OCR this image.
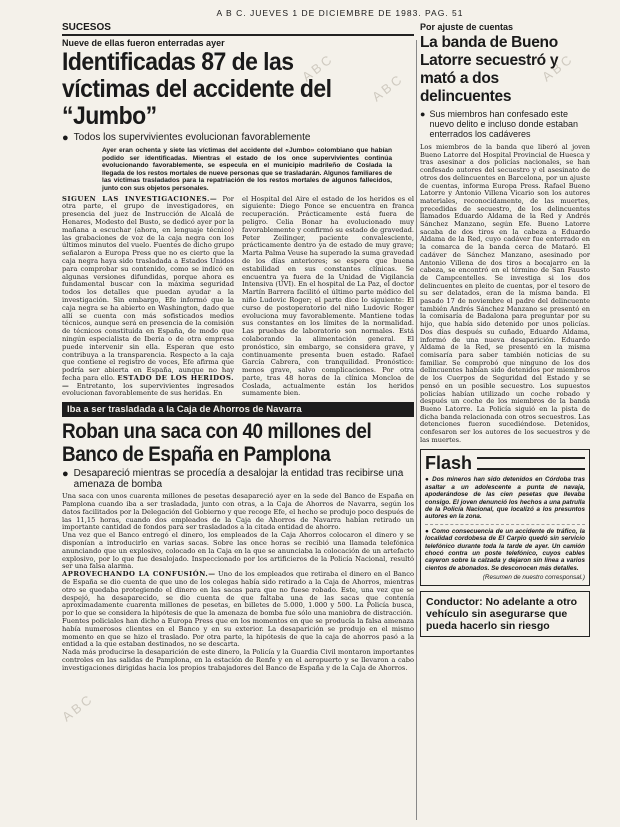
ABC
ABC
ABC
ABC
A B C. JUEVES 1 DE DICIEMBRE DE 1983. PAG. 51
SUCESOS
Nueve de ellas fueron enterradas ayer
Identificadas 87 de las víctimas del accidente del “Jumbo”
● Todos los supervivientes evolucionan favorablemente

Ayer eran ochenta y siete las víctimas del accidente del «Jumbo» colombiano que habían podido ser identificadas. Mientras el estado de los once supervivientes continúa evolucionando favorablemente, se especula en el municipio madrileño de Coslada la llegada de los restos mortales de nueve personas que se trasladarán. Algunos familiares de las víctimas trasladados para la repatriación de los restos mortales de algunos fallecidos, junto con sus objetos personales.

SIGUEN LAS INVESTIGACIONES.— Por otra parte, el grupo de investigadores, en presencia del juez de Instrucción de Alcalá de Henares, Modesto del Busto, se dedicó ayer por la mañana a escuchar (ahora, en lenguaje técnico) las grabaciones de voz de la caja negra con los últimos minutos del vuelo. Fuentes de dicho grupo señalaron a Europa Press que no es cierto que la caja negra haya sido trasladada a Estados Unidos para comprobar su contenido, como se indicó en algunas versiones difundidas, porque ahora es fundamental buscar con la máxima seguridad todos los detalles que puedan ayudar a la investigación. Sin embargo, Efe informó que la caja negra se ha abierto en Washington, dado que allí se cuenta con más sofisticados medios técnicos, aunque será en presencia de la comisión de técnicos constituida en España, de modo que ningún especialista de Iberia o de otra empresa puede intervenir sin ella. Esperan que esto contribuya a la transparencia. Respecto a la caja que contiene el registro de voces, Efe afirma que podría ser abierta en España, aunque no hay fecha para ello. ESTADO DE LOS HERIDOS.— Entretanto, los supervivientes ingresados evolucionan favorablemente de sus heridas. En

el Hospital del Aire el estado de los heridos es el siguiente: Diego Ponce se encuentra en franca recuperación. Prácticamente está fuera de peligro. Celia Bonar ha evolucionado muy favorablemente y confirmó su estado de gravedad. Peter Zeilinger, paciente convalesciente, prácticamente dentro ya de estado de muy grave; Marta Palma Veuse ha superado la suma gravedad de los días anteriores; se espera que buena estabilidad en sus constantes clínicas. Se encuentra ya fuera de la Unidad de Vigilancia Intensiva (UVI). En el hospital de La Paz, el doctor Martín Barrera facilitó el último parte médico del niño Ludovic Roger; el parte dice lo siguiente: El curso de postoperatorio del niño Ludovic Roger evoluciona muy favorablemente. Mantiene todas sus constantes en los límites de la normalidad. Las pruebas de laboratorio son normales. Está colaborando la alimentación general. El pronóstico, sin embargo, se considera grave, y continuamente presenta buen estado. Rafael García Cabrera, con tranquilidad. Pronóstico: menos grave, salvo complicaciones. Por otra parte, tras 48 horas de la clínica Moncloa de Coslada, actualmente están los heridos sumamente bien.

Iba a ser trasladada a la Caja de Ahorros de Navarra
Roban una saca con 40 millones del Banco de España en Pamplona
● Desapareció mientras se procedía a desalojar la entidad tras recibirse una amenaza de bomba

Una saca con unos cuarenta millones de pesetas desapareció ayer en la sede del Banco de España en Pamplona cuando iba a ser trasladada, junto con otras, a la Caja de Ahorros de Navarra, según los datos facilitados por la Delegación del Gobierno y que recoge Efe, el hecho se produjo poco después de las 11,15 horas, cuando dos empleados de la Caja de Ahorros de Navarra habían retirado un importante cantidad de fondos para ser trasladados a la citada entidad de ahorro.

Una vez que el Banco entregó el dinero, los empleados de la Caja Ahorros colocaron el dinero y se disponían a introducirlo en varias sacas. Sobre las once horas se recibió una llamada telefónica anunciando que un explosivo, colocado en la Caja en la que se anunciaba la colocación de un artefacto explosivo, por lo que fue desalojado. Inspeccionado por los artificieros de la Policía Nacional, resultó ser una falsa alarma.

APROVECHANDO LA CONFUSIÓN.— Uno de los empleados que retiraba el dinero en el Banco de España se dio cuenta de que uno de los colegas había sido retirado a la Caja de Ahorros, mientras otro se quedaba protegiendo el dinero en las sacas para que no fuese robado. Este, una vez que se despejó, ha desaparecido, se dio cuenta de que faltaba una de las sacas que contenía aproximadamente cuarenta millones de pesetas, en billetes de 5.000, 1.000 y 500. La Policía busca, por lo que se considera la hipótesis de que la amenaza de bomba fue sólo una maniobra de distracción.

Fuentes policiales han dicho a Europa Press que en los momentos en que se producía la falsa amenaza había numerosos clientes en el Banco y en su exterior. La desaparición se produjo en el mismo momento en que se hizo el traslado. Por otra parte, la hipótesis de que la caja de ahorros pasó a la entidad a la que estaban destinados, no se descarta.

Nada más producirse la desaparición de este dinero, la Policía y la Guardia Civil montaron importantes controles en las salidas de Pamplona, en la estación de Renfe y en el aeropuerto y se llevaron a cabo investigaciones dirigidas hacia los propios trabajadores del Banco de España y de la Caja de Ahorros.

Por ajuste de cuentas
La banda de Bueno Latorre secuestró y mató a dos delincuentes
● Sus miembros han confesado este nuevo delito e incluso donde estaban enterrados los cadáveres

Los miembros de la banda que liberó al joven Bueno Latorre del Hospital Provincial de Huesca y tras asesinar a dos policías nacionales, se han confesado autores del secuestro y el asesinato de otros dos delincuentes en Barcelona, por un ajuste de cuentas, informa Europa Press. Rafael Bueno Latorre y Antonio Villena Vicario son los autores materiales, reconocidamente, de las muertes, precedidas de secuestro, de los delincuentes llamados Eduardo Aldama de la Red y Andrés Sánchez Manzano, según Efe. Bueno Latorre sacaba de dos tiros en la cabeza a Eduardo Aldama de la Red, cuyo cadáver fue enterrado en la comarca de la banda cerca de Mataró. El cadáver de Sánchez Manzano, asesinado por Antonio Villena de dos tiros a bocajarro en la cabeza, se encontró en el término de San Fausto de Campcentelles. Se investiga si los dos delincuentes en pleito de cuentas, por el tesoro de su ser delatados, eran de la misma banda. El pasado 17 de noviembre el padre del delincuente también Andrés Sánchez Manzano se presentó en la comisaría de Badalona para preguntar por su hijo, que había sido detenido por unos policías. Dos días después su cuñado, Eduardo Aldama, informó de una nueva desaparición. Eduardo Aldama de la Red, se presentó en la misma comisaría para saber también noticias de su familiar. Se comprobó que ninguno de los dos delincuentes habían sido detenidos por miembros de los Cuerpos de Seguridad del Estado y se pensó en un posible secuestro. Los supuestos policías habían utilizado un coche robado y después un coche de los miembros de la banda Bueno Latorre. La Policía siguió en la pista de dicha banda relacionada con otros secuestros. Las detenciones fueron sucediéndose. Detenidos, confesaron ser los autores de los secuestros y de las muertes.

Flash

● Dos mineros han sido detenidos en Córdoba tras asaltar a un adolescente a punta de navaja, apoderándose de las cien pesetas que llevaba consigo. El joven denunció los hechos a una patrulla de la Policía Nacional, que localizó a los presuntos autores en la zona.

● Como consecuencia de un accidente de tráfico, la localidad cordobesa de El Carpio quedó sin servicio telefónico durante toda la tarde de ayer. Un camión chocó contra un poste telefónico, cuyos cables cayeron sobre la calzada y dejaron sin línea a varios cientos de abonados. Se desconocen más detalles.

(Resumen de nuestro corresponsal.)
Conductor: No adelante a otro vehículo sin asegurarse que pueda hacerlo sin riesgo
